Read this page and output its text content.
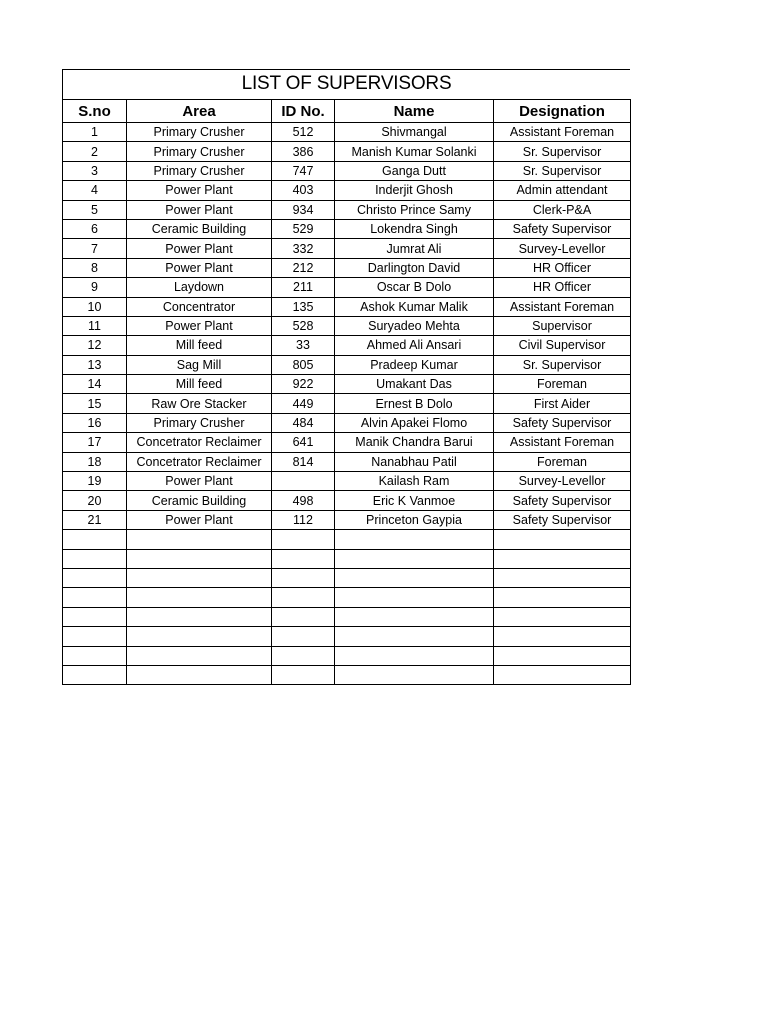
LIST OF SUPERVISORS
S.no	Area	ID No.	Name	Designation
1	Primary Crusher	512	Shivmangal	Assistant Foreman
2	Primary Crusher	386	Manish Kumar Solanki	Sr. Supervisor
3	Primary Crusher	747	Ganga Dutt	Sr. Supervisor
4	Power Plant	403	Inderjit Ghosh	Admin attendant
5	Power Plant	934	Christo Prince Samy	Clerk-P&A
6	Ceramic Building	529	Lokendra Singh	Safety Supervisor
7	Power Plant	332	Jumrat Ali	Survey-Levellor
8	Power Plant	212	Darlington David	HR Officer
9	Laydown	211	Oscar B Dolo	HR Officer
10	Concentrator	135	Ashok Kumar Malik	Assistant Foreman
11	Power Plant	528	Suryadeo Mehta	Supervisor
12	Mill feed	33	Ahmed Ali Ansari	Civil Supervisor
13	Sag Mill	805	Pradeep Kumar	Sr. Supervisor
14	Mill feed	922	Umakant Das	Foreman
15	Raw Ore Stacker	449	Ernest B Dolo	First Aider
16	Primary Crusher	484	Alvin Apakei Flomo	Safety Supervisor
17	Concetrator Reclaimer	641	Manik Chandra Barui	Assistant Foreman
18	Concetrator Reclaimer	814	Nanabhau Patil	Foreman
19	Power Plant		Kailash Ram	Survey-Levellor
20	Ceramic Building	498	Eric K Vanmoe	Safety Supervisor
21	Power Plant	112	Princeton Gaypia	Safety Supervisor
